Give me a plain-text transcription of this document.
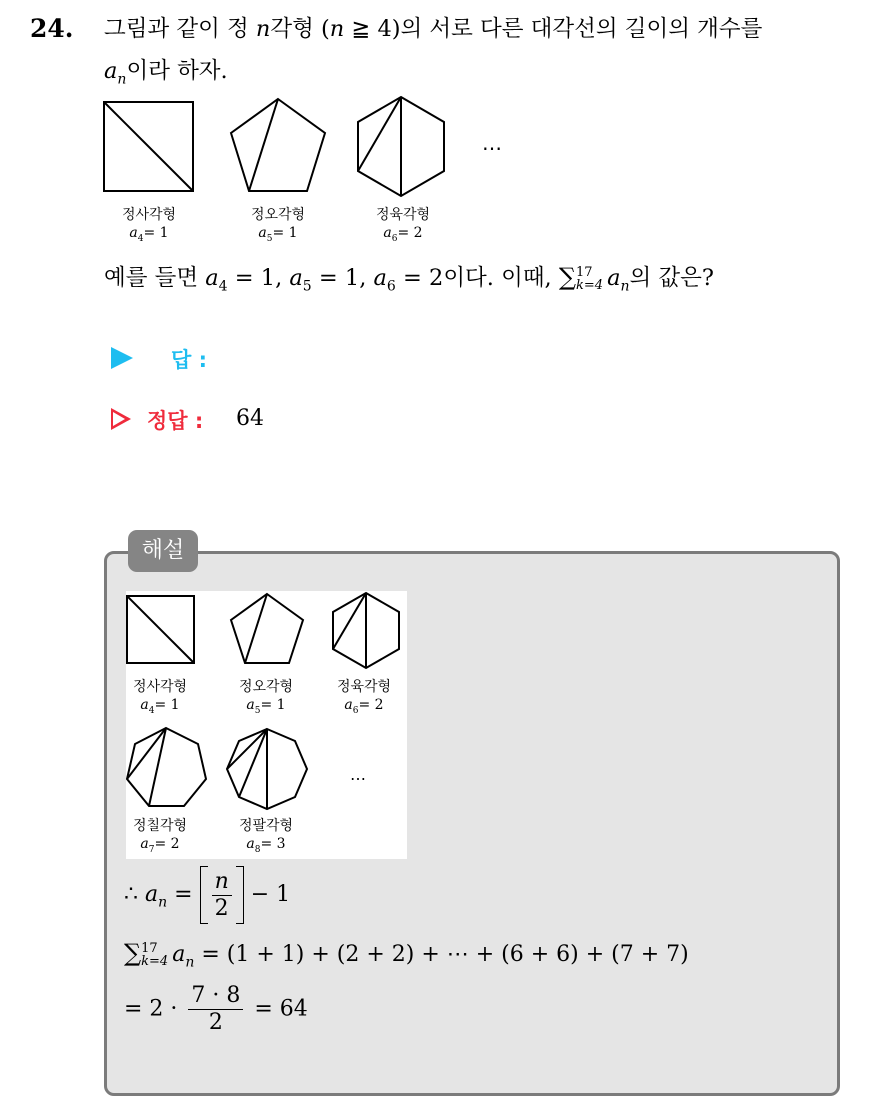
24. 그림과 같이 정 n각형 (n ≧ 4)의 서로 다른 대각선의 길이의 개수를
$a_n$이라 하자.
⋯
정사각형
$a_4= 1$
정오각형
$a_5= 1$
정육각형
$a_6= 2$
예를 들면 $a_4 = 1$, $a_5 = 1$, $a_6 = 2$이다. 이때, ∑ 17
k=4 $a_n$의 값은?
답 :
정답 : 64
해설
⋯
정사각형
$a_4= 1$
정오각형
$a_5= 1$
정육각형
$a_6= 2$
정칠각형
$a_7= 2$
정팔각형
$a_8= 3$
∴ $a_n = \frac{n}{2} - 1$
∑ 17
k=4 $a_n = (1 + 1) + (2 + 2)$ + ⋯ + (6 + 6) + (7 + 7)
= $2 \cdot \frac{7 \cdot 8}{2} = 64$
